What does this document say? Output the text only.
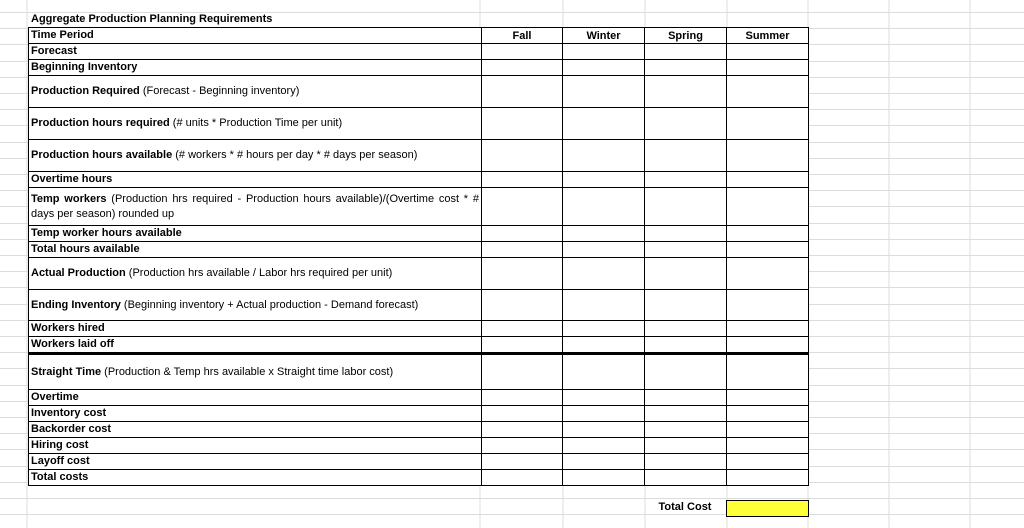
Aggregate Production Planning Requirements
Time Period	Fall	Winter	Spring	Summer
Forecast				
Beginning Inventory				
Production Required (Forecast - Beginning inventory)				
Production hours required (# units * Production Time per unit)				
Production hours available (# workers * # hours per day * # days per season)				
Overtime hours				
Temp workers (Production hrs required - Production hours available)/(Overtime cost * # days per season) rounded up				
Temp worker hours available				
Total hours available				
Actual Production (Production hrs available / Labor hrs required per unit)				
Ending Inventory (Beginning inventory + Actual production - Demand forecast)				
Workers hired				
Workers laid off				
Straight Time (Production & Temp hrs available x Straight time labor cost)				
Overtime				
Inventory cost				
Backorder cost				
Hiring cost				
Layoff cost				
Total costs				
Total Cost
